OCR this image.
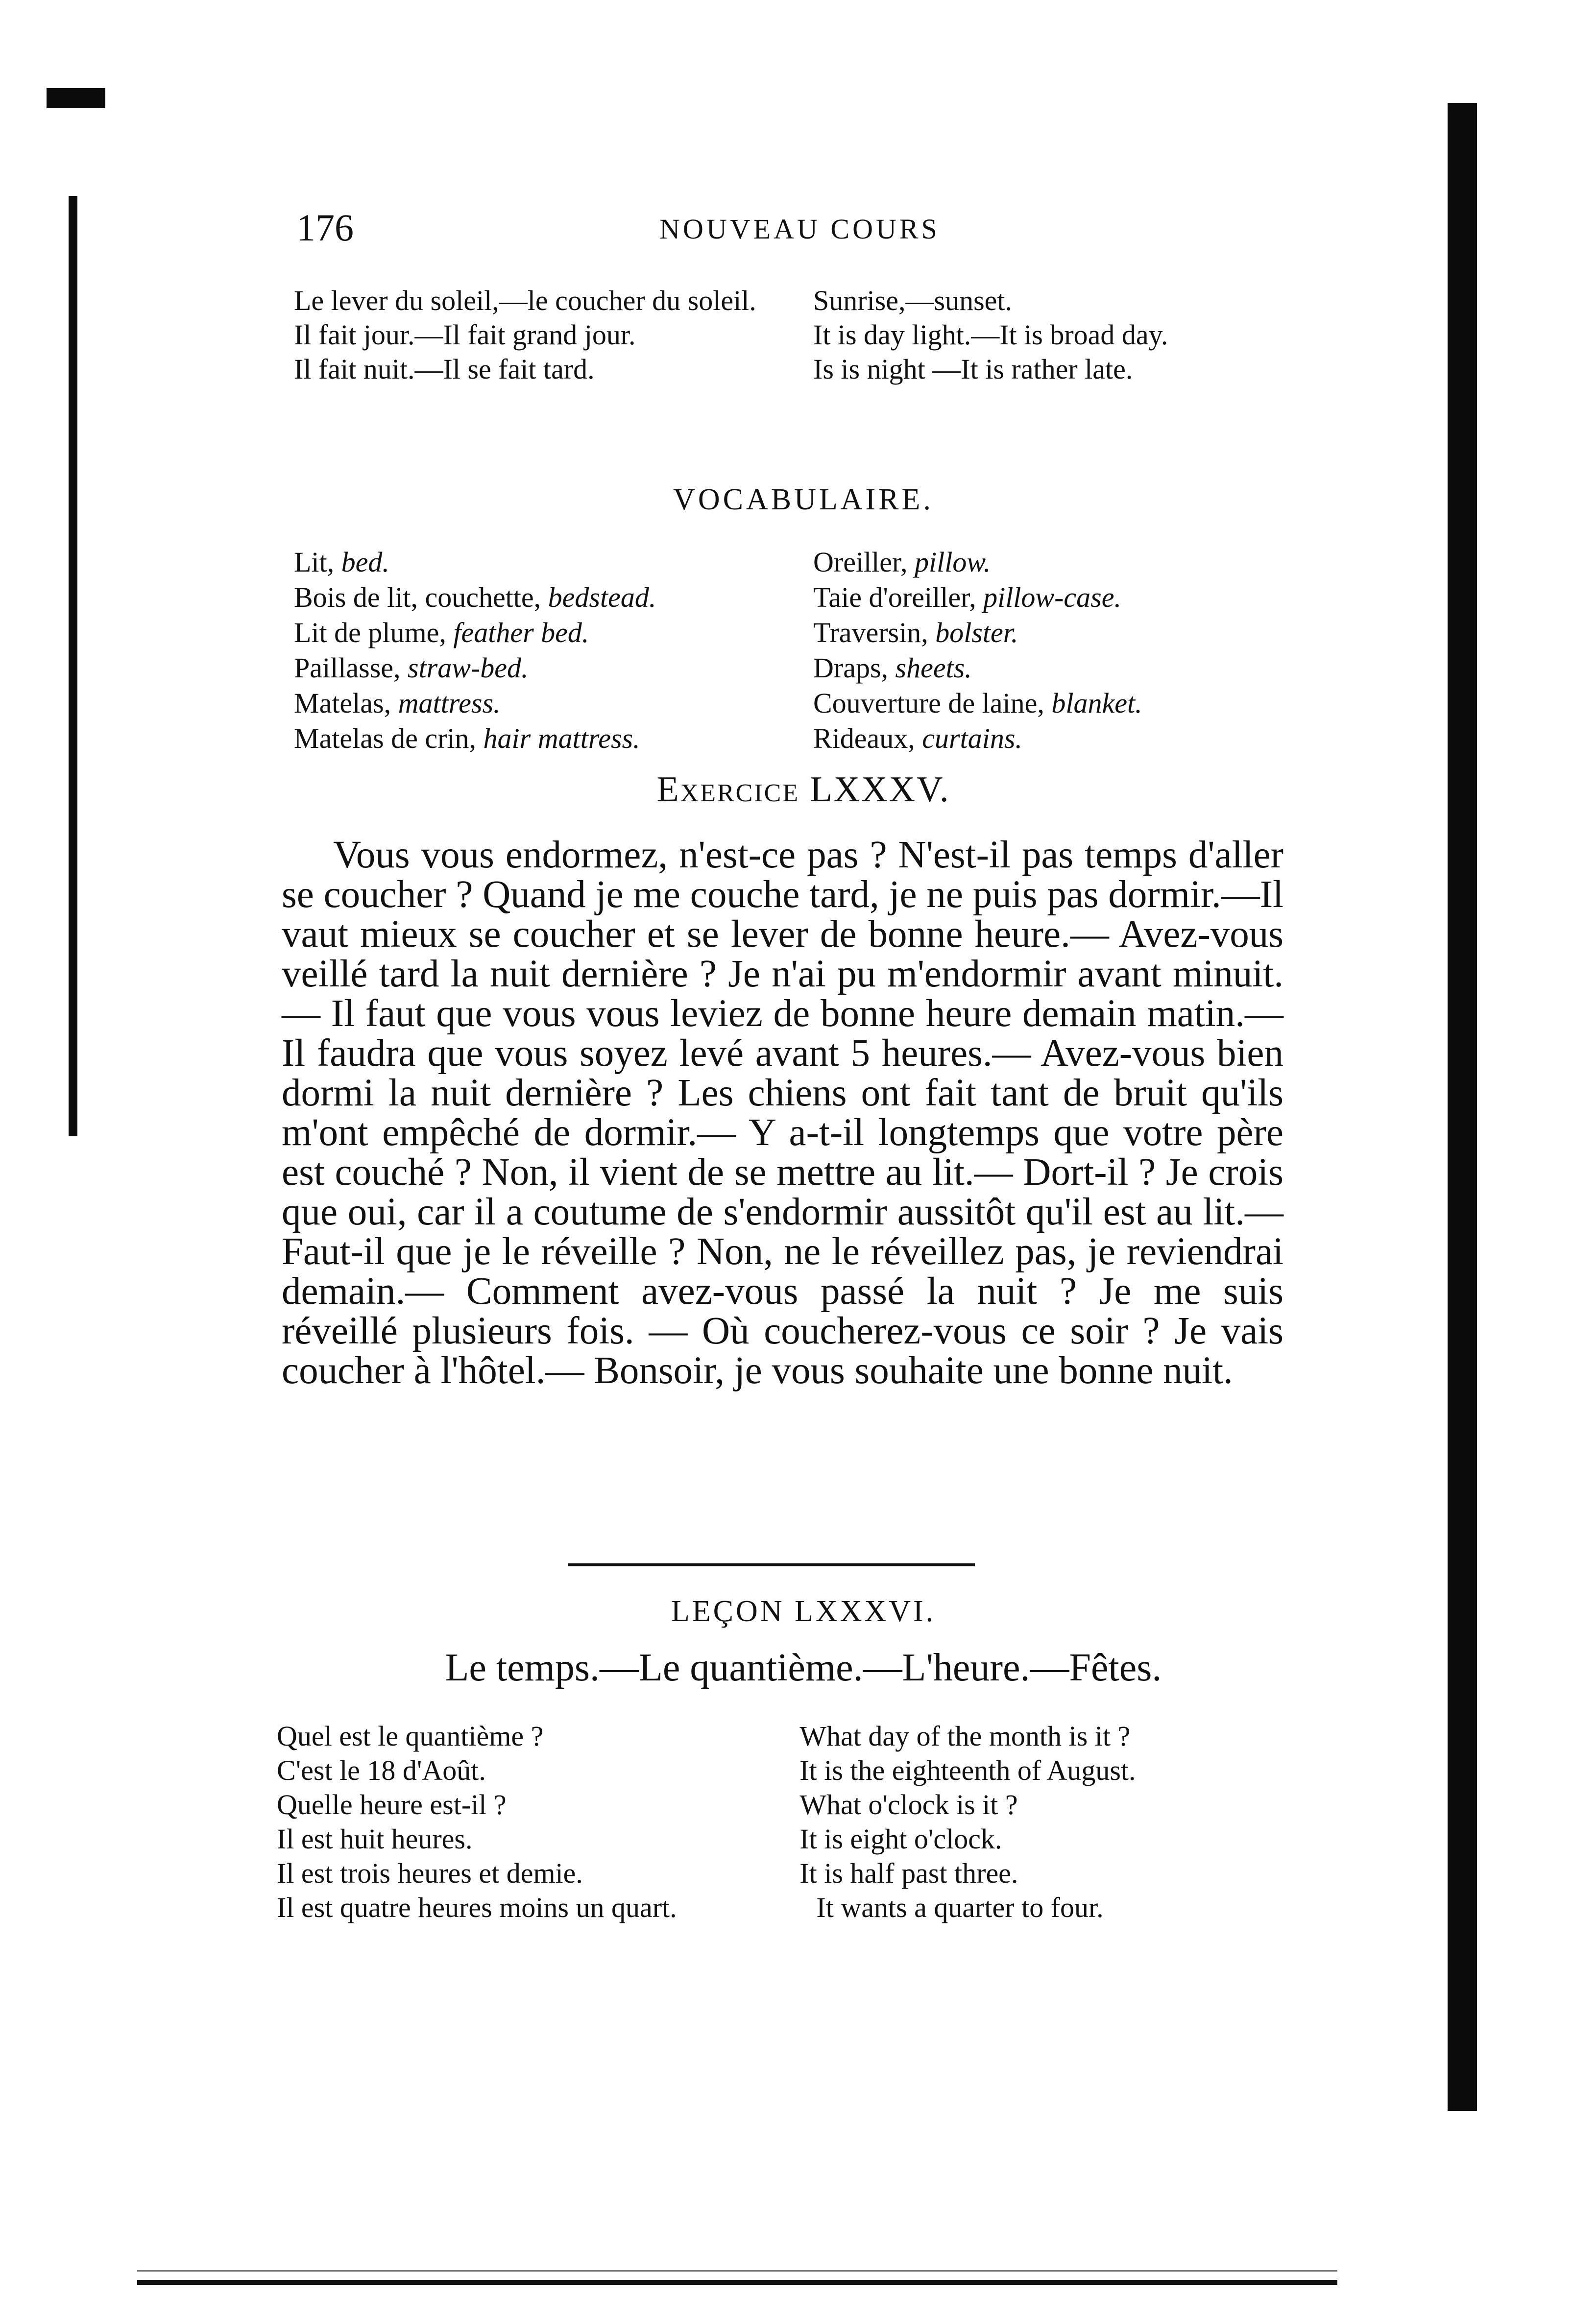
176	NOUVEAU COURS
Le lever du soleil,—le coucher du soleil.	Sunrise,—sunset.
Il fait jour.—Il fait grand jour.	It is day light.—It is broad day.
Il fait nuit.—Il se fait tard.	Is is night —It is rather late.
VOCABULAIRE.
Lit, bed.	Oreiller, pillow.
Bois de lit, couchette, bedstead.	Taie d'oreiller, pillow-case.
Lit de plume, feather bed.	Traversin, bolster.
Paillasse, straw-bed.	Draps, sheets.
Matelas, mattress.	Couverture de laine, blanket.
Matelas de crin, hair mattress.	Rideaux, curtains.
Exercice LXXXV.

Vous vous endormez, n'est-ce pas ? N'est-il pas temps d'aller se coucher ? Quand je me couche tard, je ne puis pas dormir.—Il vaut mieux se coucher et se lever de bonne heure.— Avez-vous veillé tard la nuit dernière ? Je n'ai pu m'endormir avant minuit.— Il faut que vous vous leviez de bonne heure demain matin.— Il faudra que vous soyez levé avant 5 heures.— Avez-vous bien dormi la nuit dernière ? Les chiens ont fait tant de bruit qu'ils m'ont empêché de dormir.— Y a-t-il longtemps que votre père est couché ? Non, il vient de se mettre au lit.— Dort-il ? Je crois que oui, car il a coutume de s'endormir aussitôt qu'il est au lit.— Faut-il que je le réveille ? Non, ne le réveillez pas, je reviendrai demain.— Comment avez-vous passé la nuit ? Je me suis réveillé plusieurs fois. — Où coucherez-vous ce soir ? Je vais coucher à l'hôtel.— Bonsoir, je vous souhaite une bonne nuit.

LEÇON LXXXVI.
Le temps.—Le quantième.—L'heure.—Fêtes.
Quel est le quantième ?	What day of the month is it ?
C'est le 18 d'Août.	It is the eighteenth of August.
Quelle heure est-il ?	What o'clock is it ?
Il est huit heures.	It is eight o'clock.
Il est trois heures et demie.	It is half past three.
Il est quatre heures moins un quart.	It wants a quarter to four.
